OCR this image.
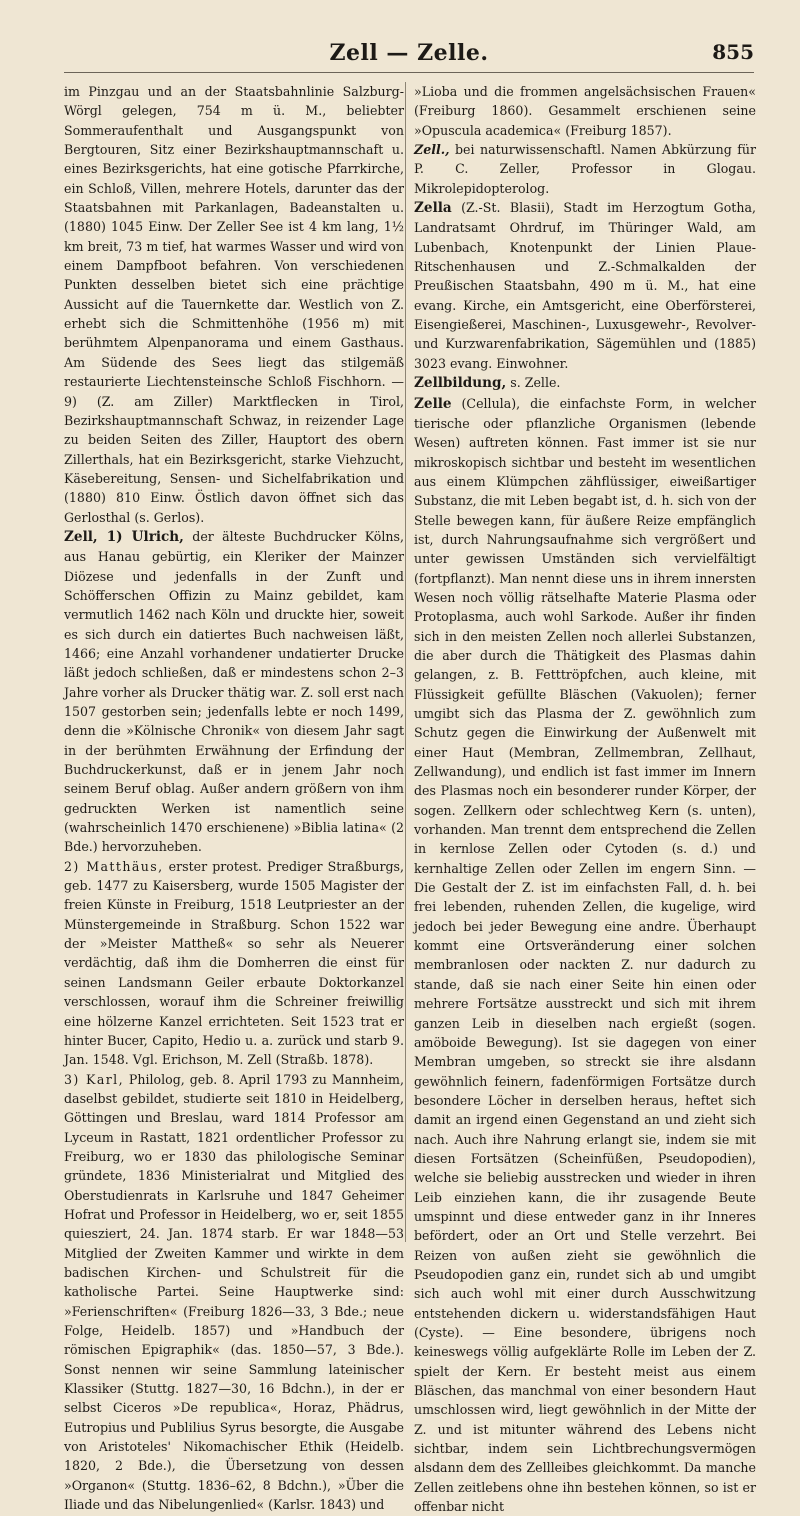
Zell — Zelle.	855

im Pinzgau und an der Staatsbahnlinie Salzburg-Wörgl gelegen, 754 m ü. M., beliebter Sommeraufenthalt und Ausgangspunkt von Bergtouren, Sitz einer Bezirkshauptmannschaft u. eines Bezirksgerichts, hat eine gotische Pfarrkirche, ein Schloß, Villen, mehrere Hotels, darunter das der Staatsbahnen mit Parkanlagen, Badeanstalten u. (1880) 1045 Einw. Der Zeller See ist 4 km lang, 1½ km breit, 73 m tief, hat warmes Wasser und wird von einem Dampfboot befahren. Von verschiedenen Punkten desselben bietet sich eine prächtige Aussicht auf die Tauernkette dar. Westlich von Z. erhebt sich die Schmittenhöhe (1956 m) mit berühmtem Alpenpanorama und einem Gasthaus. Am Südende des Sees liegt das stilgemäß restaurierte Liechtensteinsche Schloß Fischhorn. — 9) (Z. am Ziller) Marktflecken in Tirol, Bezirkshauptmannschaft Schwaz, in reizender Lage zu beiden Seiten des Ziller, Hauptort des obern Zillerthals, hat ein Bezirksgericht, starke Viehzucht, Käsebereitung, Sensen- und Sichelfabrikation und (1880) 810 Einw. Östlich davon öffnet sich das Gerlosthal (s. Gerlos).

Zell, 1) Ulrich, der älteste Buchdrucker Kölns, aus Hanau gebürtig, ein Kleriker der Mainzer Diözese und jedenfalls in der Zunft und Schöfferschen Offizin zu Mainz gebildet, kam vermutlich 1462 nach Köln und druckte hier, soweit es sich durch ein datiertes Buch nachweisen läßt, 1466; eine Anzahl vorhandener undatierter Drucke läßt jedoch schließen, daß er mindestens schon 2–3 Jahre vorher als Drucker thätig war. Z. soll erst nach 1507 gestorben sein; jedenfalls lebte er noch 1499, denn die »Kölnische Chronik« von diesem Jahr sagt in der berühmten Erwähnung der Erfindung der Buchdruckerkunst, daß er in jenem Jahr noch seinem Beruf oblag. Außer andern größern von ihm gedruckten Werken ist namentlich seine (wahrscheinlich 1470 erschienene) »Biblia latina« (2 Bde.) hervorzuheben.

2) Matthäus, erster protest. Prediger Straßburgs, geb. 1477 zu Kaisersberg, wurde 1505 Magister der freien Künste in Freiburg, 1518 Leutpriester an der Münstergemeinde in Straßburg. Schon 1522 war der »Meister Mattheß« so sehr als Neuerer verdächtig, daß ihm die Domherren die einst für seinen Landsmann Geiler erbaute Doktorkanzel verschlossen, worauf ihm die Schreiner freiwillig eine hölzerne Kanzel errichteten. Seit 1523 trat er hinter Bucer, Capito, Hedio u. a. zurück und starb 9. Jan. 1548. Vgl. Erichson, M. Zell (Straßb. 1878).

3) Karl, Philolog, geb. 8. April 1793 zu Mannheim, daselbst gebildet, studierte seit 1810 in Heidelberg, Göttingen und Breslau, ward 1814 Professor am Lyceum in Rastatt, 1821 ordentlicher Professor zu Freiburg, wo er 1830 das philologische Seminar gründete, 1836 Ministerialrat und Mitglied des Oberstudienrats in Karlsruhe und 1847 Geheimer Hofrat und Professor in Heidelberg, wo er, seit 1855 quiesziert, 24. Jan. 1874 starb. Er war 1848—53 Mitglied der Zweiten Kammer und wirkte in dem badischen Kirchen- und Schulstreit für die katholische Partei. Seine Hauptwerke sind: »Ferienschriften« (Freiburg 1826—33, 3 Bde.; neue Folge, Heidelb. 1857) und »Handbuch der römischen Epigraphik« (das. 1850—57, 3 Bde.). Sonst nennen wir seine Sammlung lateinischer Klassiker (Stuttg. 1827—30, 16 Bdchn.), in der er selbst Ciceros »De republica«, Horaz, Phädrus, Eutropius und Publilius Syrus besorgte, die Ausgabe von Aristoteles' Nikomachischer Ethik (Heidelb. 1820, 2 Bde.), die Übersetzung von dessen »Organon« (Stuttg. 1836–62, 8 Bdchn.), »Über die Iliade und das Nibelungenlied« (Karlsr. 1843) und

»Lioba und die frommen angelsächsischen Frauen« (Freiburg 1860). Gesammelt erschienen seine »Opuscula academica« (Freiburg 1857).

Zell., bei naturwissenschaftl. Namen Abkürzung für P. C. Zeller, Professor in Glogau. Mikrolepidopterolog.

Zella (Z.-St. Blasii), Stadt im Herzogtum Gotha, Landratsamt Ohrdruf, im Thüringer Wald, am Lubenbach, Knotenpunkt der Linien Plaue-Ritschenhausen und Z.-Schmalkalden der Preußischen Staatsbahn, 490 m ü. M., hat eine evang. Kirche, ein Amtsgericht, eine Oberförsterei, Eisengießerei, Maschinen-, Luxusgewehr-, Revolver- und Kurzwarenfabrikation, Sägemühlen und (1885) 3023 evang. Einwohner.

Zellbildung, s. Zelle.

Zelle (Cellula), die einfachste Form, in welcher tierische oder pflanzliche Organismen (lebende Wesen) auftreten können. Fast immer ist sie nur mikroskopisch sichtbar und besteht im wesentlichen aus einem Klümpchen zähflüssiger, eiweißartiger Substanz, die mit Leben begabt ist, d. h. sich von der Stelle bewegen kann, für äußere Reize empfänglich ist, durch Nahrungsaufnahme sich vergrößert und unter gewissen Umständen sich vervielfältigt (fortpflanzt). Man nennt diese uns in ihrem innersten Wesen noch völlig rätselhafte Materie Plasma oder Protoplasma, auch wohl Sarkode. Außer ihr finden sich in den meisten Zellen noch allerlei Substanzen, die aber durch die Thätigkeit des Plasmas dahin gelangen, z. B. Fetttröpfchen, auch kleine, mit Flüssigkeit gefüllte Bläschen (Vakuolen); ferner umgibt sich das Plasma der Z. gewöhnlich zum Schutz gegen die Einwirkung der Außenwelt mit einer Haut (Membran, Zellmembran, Zellhaut, Zellwandung), und endlich ist fast immer im Innern des Plasmas noch ein besonderer runder Körper, der sogen. Zellkern oder schlechtweg Kern (s. unten), vorhanden. Man trennt dem entsprechend die Zellen in kernlose Zellen oder Cytoden (s. d.) und kernhaltige Zellen oder Zellen im engern Sinn. — Die Gestalt der Z. ist im einfachsten Fall, d. h. bei frei lebenden, ruhenden Zellen, die kugelige, wird jedoch bei jeder Bewegung eine andre. Überhaupt kommt eine Ortsveränderung einer solchen membranlosen oder nackten Z. nur dadurch zu stande, daß sie nach einer Seite hin einen oder mehrere Fortsätze ausstreckt und sich mit ihrem ganzen Leib in dieselben nach ergießt (sogen. amöboide Bewegung). Ist sie dagegen von einer Membran umgeben, so streckt sie ihre alsdann gewöhnlich feinern, fadenförmigen Fortsätze durch besondere Löcher in derselben heraus, heftet sich damit an irgend einen Gegenstand an und zieht sich nach. Auch ihre Nahrung erlangt sie, indem sie mit diesen Fortsätzen (Scheinfüßen, Pseudopodien), welche sie beliebig ausstrecken und wieder in ihren Leib einziehen kann, die ihr zusagende Beute umspinnt und diese entweder ganz in ihr Inneres befördert, oder an Ort und Stelle verzehrt. Bei Reizen von außen zieht sie gewöhnlich die Pseudopodien ganz ein, rundet sich ab und umgibt sich auch wohl mit einer durch Ausschwitzung entstehenden dickern u. widerstandsfähigen Haut (Cyste). — Eine besondere, übrigens noch keineswegs völlig aufgeklärte Rolle im Leben der Z. spielt der Kern. Er besteht meist aus einem Bläschen, das manchmal von einer besondern Haut umschlossen wird, liegt gewöhnlich in der Mitte der Z. und ist mitunter während des Lebens nicht sichtbar, indem sein Lichtbrechungsvermögen alsdann dem des Zellleibes gleichkommt. Da manche Zellen zeitlebens ohne ihn bestehen können, so ist er offenbar nicht
